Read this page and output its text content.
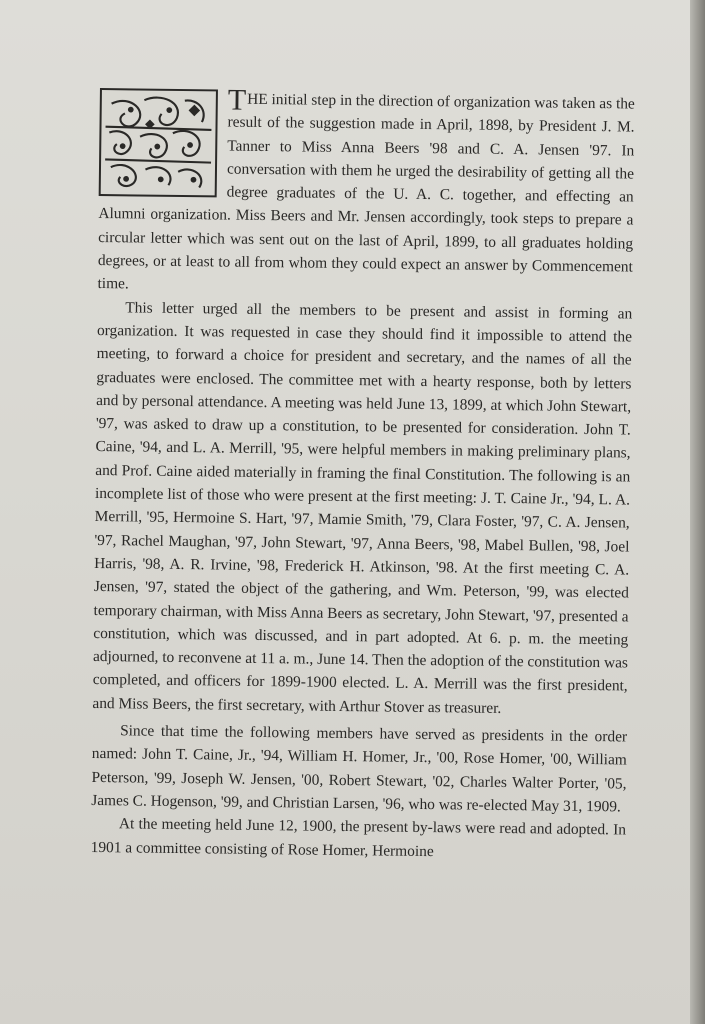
THE initial step in the direction of organization was taken as the result of the suggestion made in April, 1898, by President J. M. Tanner to Miss Anna Beers '98 and C. A. Jensen '97. In conversation with them he urged the desirability of getting all the degree graduates of the U. A. C. together, and effecting an Alumni organization. Miss Beers and Mr. Jensen accordingly, took steps to prepare a circular letter which was sent out on the last of April, 1899, to all graduates holding degrees, or at least to all from whom they could expect an answer by Commencement time.

This letter urged all the members to be present and assist in forming an organization. It was requested in case they should find it impossible to attend the meeting, to forward a choice for president and secretary, and the names of all the graduates were enclosed. The committee met with a hearty response, both by letters and by personal attendance. A meeting was held June 13, 1899, at which John Stewart, '97, was asked to draw up a constitution, to be presented for consideration. John T. Caine, '94, and L. A. Merrill, '95, were helpful members in making preliminary plans, and Prof. Caine aided materially in framing the final Constitution. The following is an incomplete list of those who were present at the first meeting: J. T. Caine Jr., '94, L. A. Merrill, '95, Hermoine S. Hart, '97, Mamie Smith, '79, Clara Foster, '97, C. A. Jensen, '97, Rachel Maughan, '97, John Stewart, '97, Anna Beers, '98, Mabel Bullen, '98, Joel Harris, '98, A. R. Irvine, '98, Frederick H. Atkinson, '98. At the first meeting C. A. Jensen, '97, stated the object of the gathering, and Wm. Peterson, '99, was elected temporary chairman, with Miss Anna Beers as secretary, John Stewart, '97, presented a constitution, which was discussed, and in part adopted. At 6. p. m. the meeting adjourned, to reconvene at 11 a. m., June 14. Then the adoption of the constitution was completed, and officers for 1899-1900 elected. L. A. Merrill was the first president, and Miss Beers, the first secretary, with Arthur Stover as treasurer.

Since that time the following members have served as presidents in the order named: John T. Caine, Jr., '94, William H. Homer, Jr., '00, Rose Homer, '00, William Peterson, '99, Joseph W. Jensen, '00, Robert Stewart, '02, Charles Walter Porter, '05, James C. Hogenson, '99, and Christian Larsen, '96, who was re-elected May 31, 1909.

At the meeting held June 12, 1900, the present by-laws were read and adopted. In 1901 a committee consisting of Rose Homer, Hermoine
